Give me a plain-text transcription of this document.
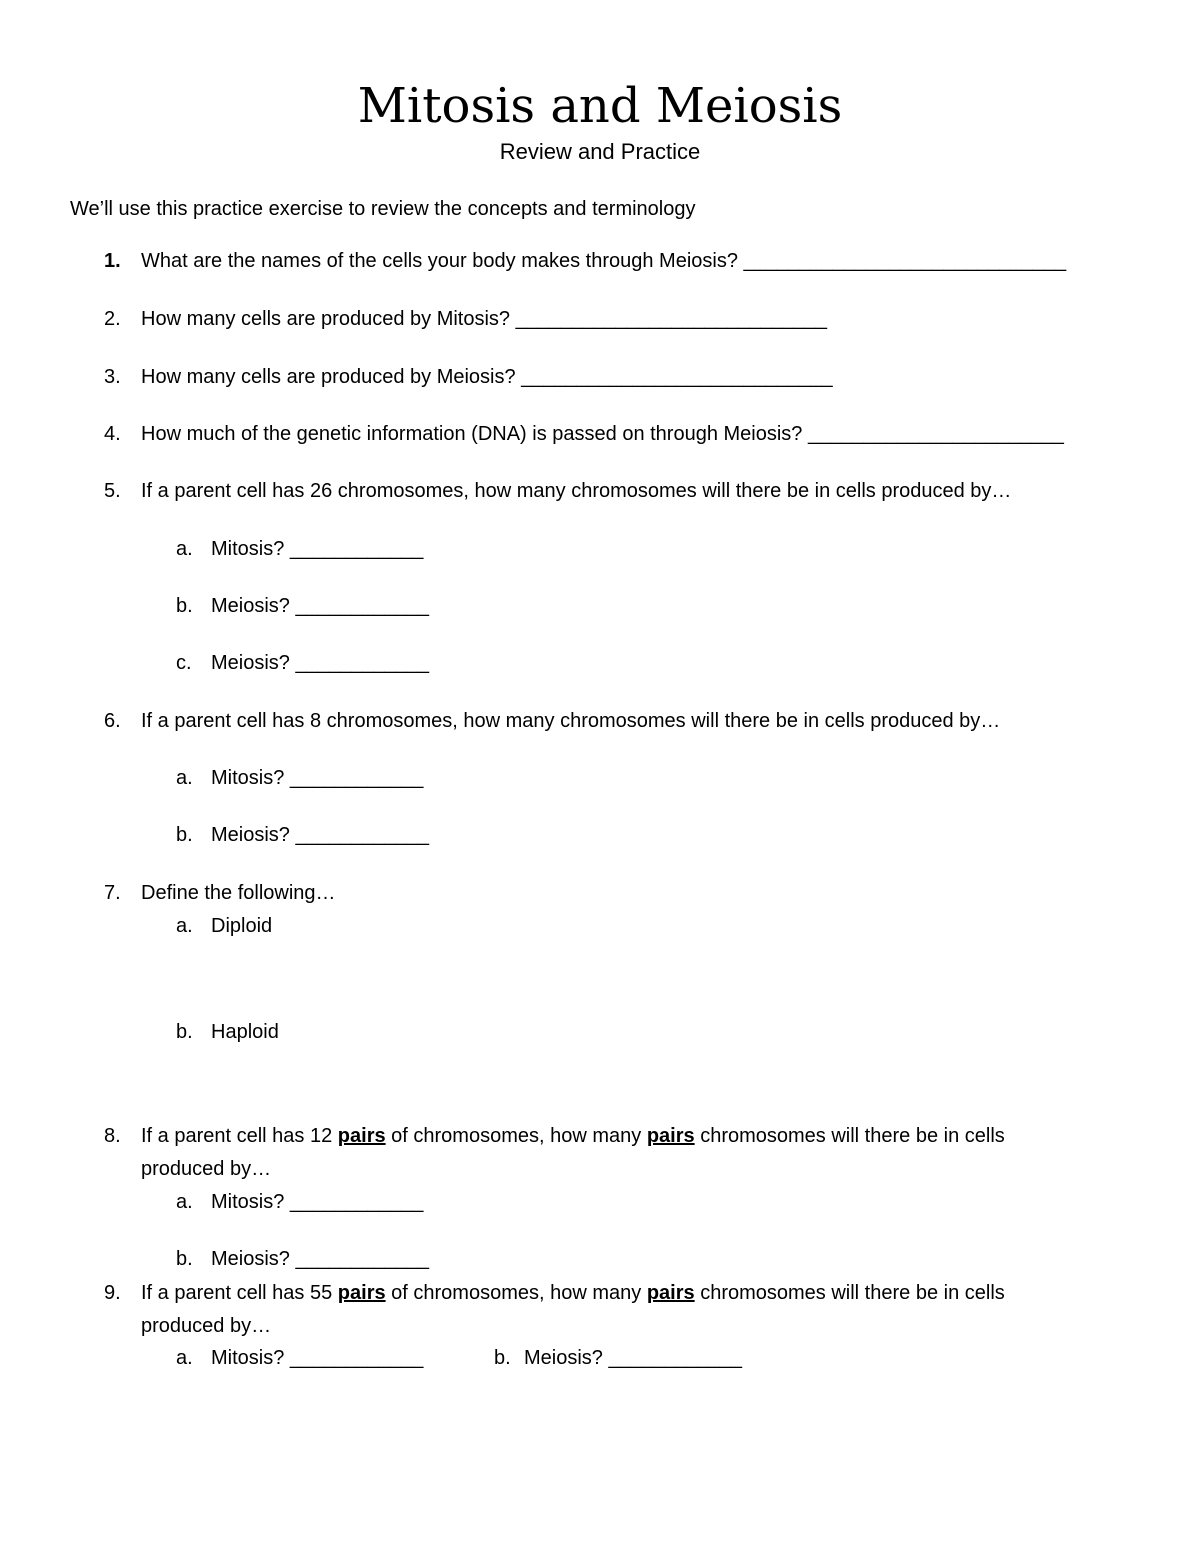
Mitosis and Meiosis
Review and Practice
We’ll use this practice exercise to review the concepts and terminology
1.	What are the names of the cells your body makes through Meiosis? _____________________________
2.	How many cells are produced by Mitosis? ____________________________
3.	How many cells are produced by Meiosis? ____________________________
4.	How much of the genetic information (DNA) is passed on through Meiosis? _______________________
5.	If a parent cell has 26 chromosomes, how many chromosomes will there be in cells produced by…
a. Mitosis? ____________
b. Meiosis? ____________
c. Meiosis? ____________
6.	If a parent cell has 8 chromosomes, how many chromosomes will there be in cells produced by…
a. Mitosis? ____________
b. Meiosis? ____________
7.	Define the following…
a. Diploid
b. Haploid
8.	If a parent cell has 12 pairs of chromosomes, how many pairs chromosomes will there be in cells
produced by…
a. Mitosis? ____________
b. Meiosis? ____________
9.	If a parent cell has 55 pairs of chromosomes, how many pairs chromosomes will there be in cells
produced by…
a. Mitosis? ____________	b. Meiosis? ____________
